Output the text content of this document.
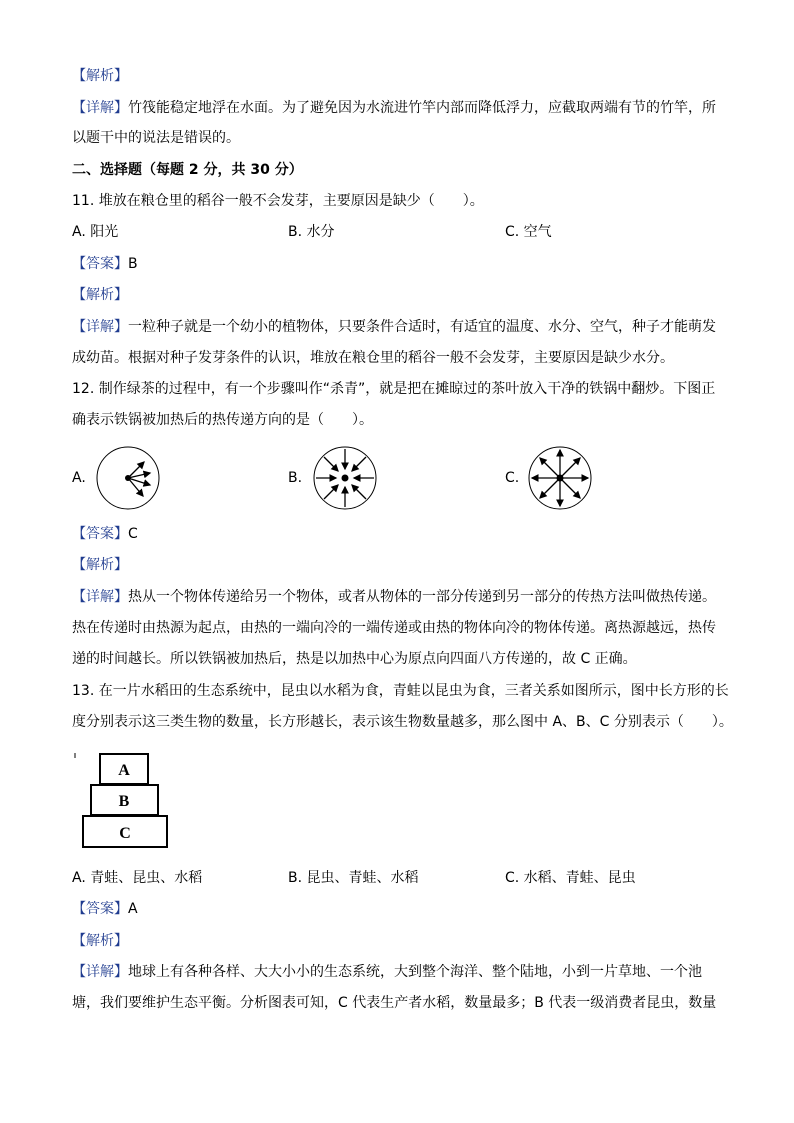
【解析】
【详解】竹筏能稳定地浮在水面。为了避免因为水流进竹竿内部而降低浮力，应截取两端有节的竹竿，所
以题干中的说法是错误的。
二、选择题（每题 2 分，共 30 分）
11. 堆放在粮仓里的稻谷一般不会发芽，主要原因是缺少（　　）。
A. 阳光	B. 水分	C. 空气
【答案】B
【解析】
【详解】一粒种子就是一个幼小的植物体，只要条件合适时，有适宜的温度、水分、空气，种子才能萌发
成幼苗。根据对种子发芽条件的认识，堆放在粮仓里的稻谷一般不会发芽，主要原因是缺少水分。
12. 制作绿茶的过程中，有一个步骤叫作“杀青”，就是把在摊晾过的茶叶放入干净的铁锅中翻炒。下图正
确表示铁锅被加热后的热传递方向的是（　　）。
A.	B.	C.
【答案】C
【解析】
【详解】热从一个物体传递给另一个物体，或者从物体的一部分传递到另一部分的传热方法叫做热传递。
热在传递时由热源为起点，由热的一端向冷的一端传递或由热的物体向冷的物体传递。离热源越远，热传
递的时间越长。所以铁锅被加热后，热是以加热中心为原点向四面八方传递的，故 C 正确。
13. 在一片水稻田的生态系统中，昆虫以水稻为食，青蛙以昆虫为食，三者关系如图所示，图中长方形的长
度分别表示这三类生物的数量，长方形越长，表示该生物数量越多，那么图中 A、B、C 分别表示（　　）。
A
B
C
A. 青蛙、昆虫、水稻	B. 昆虫、青蛙、水稻	C. 水稻、青蛙、昆虫
【答案】A
【解析】
【详解】地球上有各种各样、大大小小的生态系统，大到整个海洋、整个陆地，小到一片草地、一个池
塘，我们要维护生态平衡。分析图表可知，C 代表生产者水稻，数量最多；B 代表一级消费者昆虫，数量
